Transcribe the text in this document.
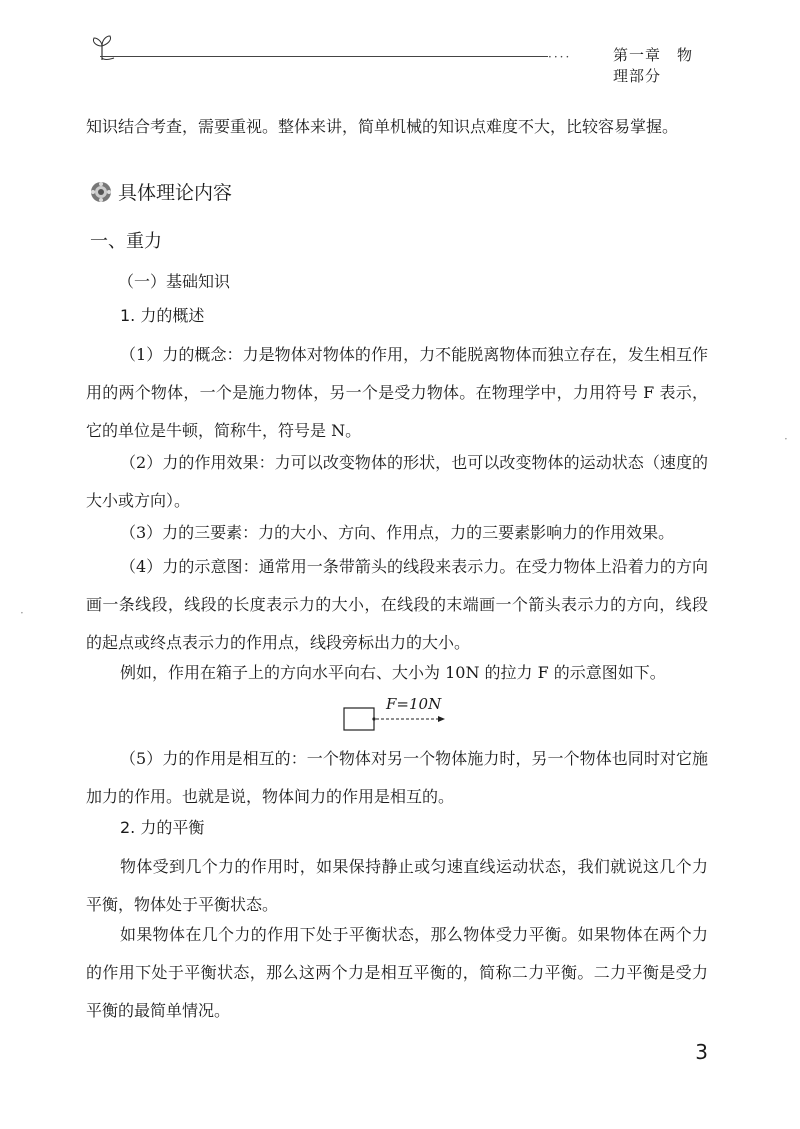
····	第一章　物理部分
知识结合考查，需要重视。整体来讲，简单机械的知识点难度不大，比较容易掌握。
具体理论内容
一、重力
（一）基础知识
1. 力的概述
（1）力的概念：力是物体对物体的作用，力不能脱离物体而独立存在，发生相互作用的两个物体，一个是施力物体，另一个是受力物体。在物理学中，力用符号 F 表示，它的单位是牛顿，简称牛，符号是 N。
（2）力的作用效果：力可以改变物体的形状，也可以改变物体的运动状态（速度的大小或方向）。
（3）力的三要素：力的大小、方向、作用点，力的三要素影响力的作用效果。
（4）力的示意图：通常用一条带箭头的线段来表示力。在受力物体上沿着力的方向画一条线段，线段的长度表示力的大小，在线段的末端画一个箭头表示力的方向，线段的起点或终点表示力的作用点，线段旁标出力的大小。
例如，作用在箱子上的方向水平向右、大小为 10N 的拉力 F 的示意图如下。
F=10N
（5）力的作用是相互的：一个物体对另一个物体施力时，另一个物体也同时对它施加力的作用。也就是说，物体间力的作用是相互的。
2. 力的平衡
物体受到几个力的作用时，如果保持静止或匀速直线运动状态，我们就说这几个力平衡，物体处于平衡状态。
如果物体在几个力的作用下处于平衡状态，那么物体受力平衡。如果物体在两个力的作用下处于平衡状态，那么这两个力是相互平衡的，简称二力平衡。二力平衡是受力平衡的最简单情况。
3
·
·
